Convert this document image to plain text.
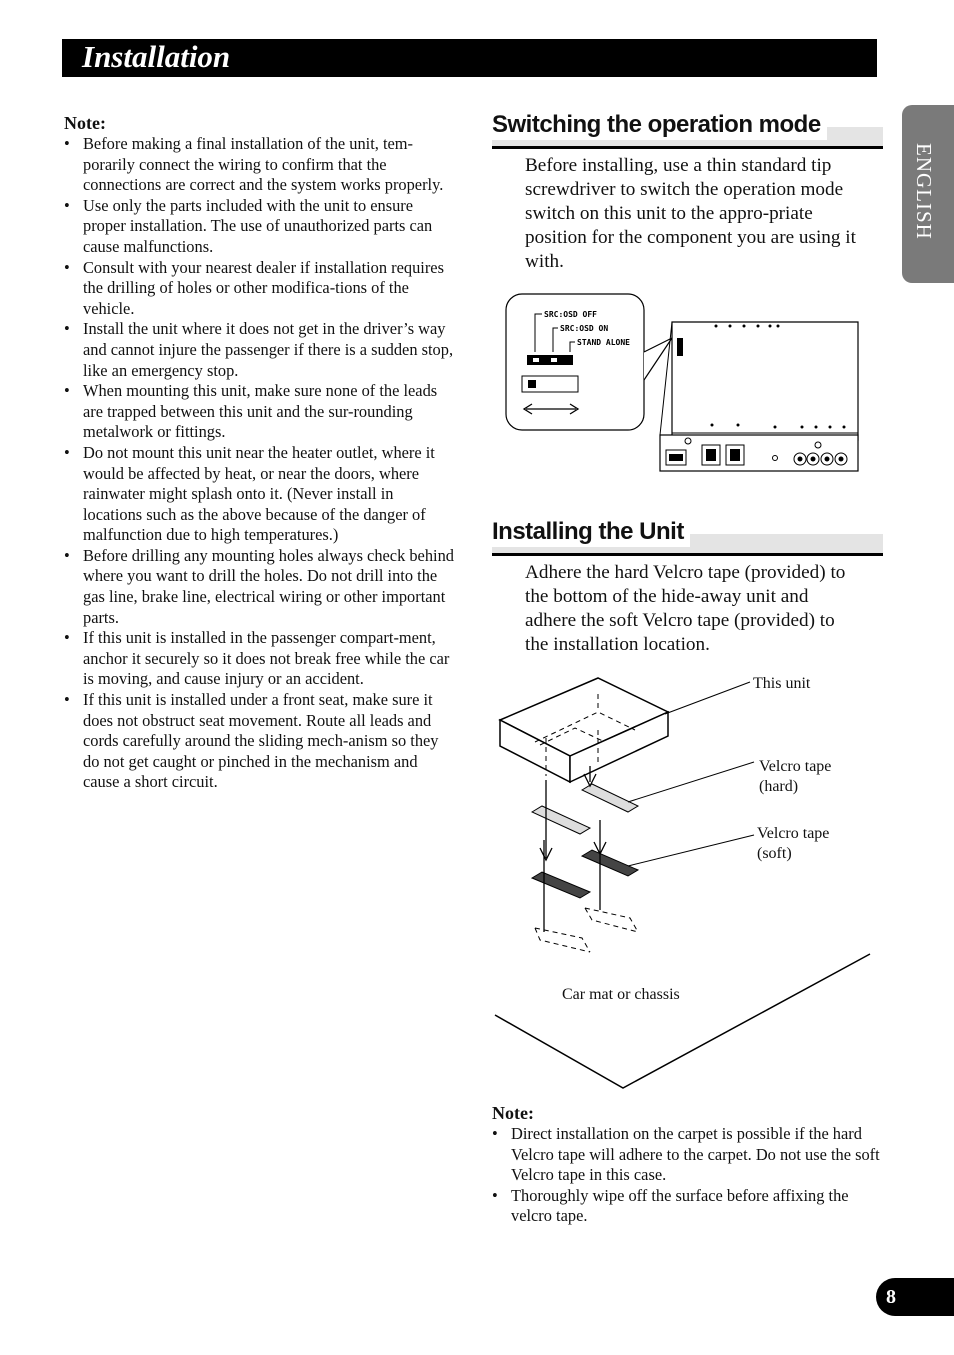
Installation
ENGLISH
Note:
• Before making a final installation of the unit, tem-porarily connect the wiring to confirm that the connections are correct and the system works properly.
• Use only the parts included with the unit to ensure proper installation. The use of unauthorized parts can cause malfunctions.
• Consult with your nearest dealer if installation requires the drilling of holes or other modifica-tions of the vehicle.
• Install the unit where it does not get in the driver’s way and cannot injure the passenger if there is a sudden stop, like an emergency stop.
• When mounting this unit, make sure none of the leads are trapped between this unit and the sur-rounding metalwork or fittings.
• Do not mount this unit near the heater outlet, where it would be affected by heat, or near the doors, where rainwater might splash onto it. (Never install in locations such as the above because of the danger of malfunction due to high temperatures.)
• Before drilling any mounting holes always check behind where you want to drill the holes. Do not drill into the gas line, brake line, electrical wiring or other important parts.
• If this unit is installed in the passenger compart-ment, anchor it securely so it does not break free while the car is moving, and cause injury or an accident.
• If this unit is installed under a front seat, make sure it does not obstruct seat movement. Route all leads and cords carefully around the sliding mech-anism so they do not get caught or pinched in the mechanism and cause a short circuit.
Switching the operation mode
Before installing, use a thin standard tip screwdriver to switch the operation mode switch on this unit to the appro-priate position for the component you are using it with.
SRC:OSD OFF
SRC:OSD ON
STAND ALONE
Installing the Unit
Adhere the hard Velcro tape (provided) to the bottom of the hide-away unit and adhere the soft Velcro tape (provided) to the installation location.
This unit
Velcro tape (hard)
Velcro tape (soft)
Car mat or chassis
Note:
• Direct installation on the carpet is possible if the hard Velcro tape will adhere to the carpet. Do not use the soft Velcro tape in this case.
• Thoroughly wipe off the surface before affixing the velcro tape.
8
